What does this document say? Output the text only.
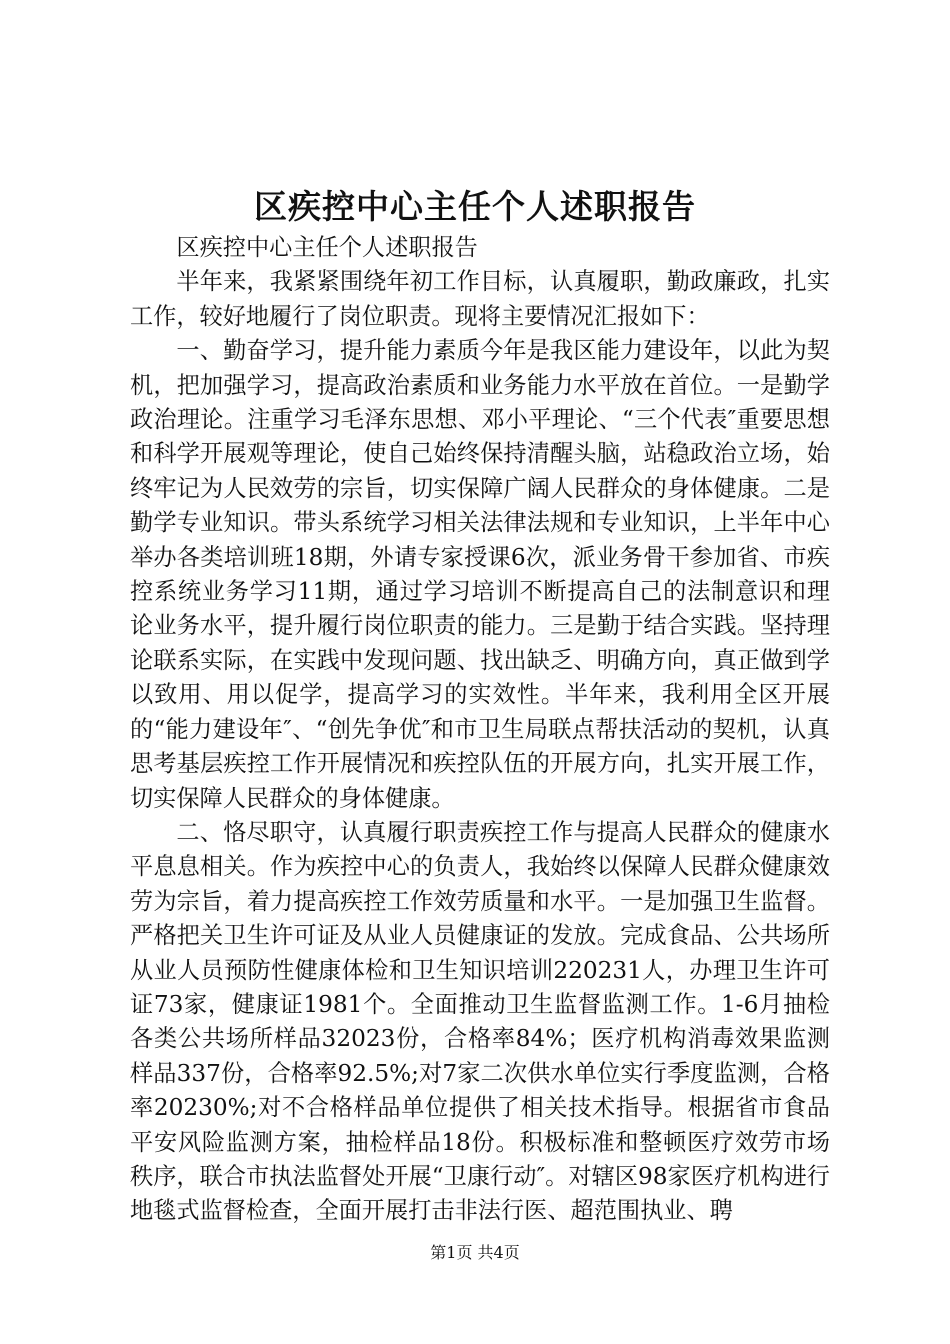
区疾控中心主任个人述职报告

区疾控中心主任个人述职报告

半年来，我紧紧围绕年初工作目标，认真履职，勤政廉政，扎实工作，较好地履行了岗位职责。现将主要情况汇报如下：

一、勤奋学习，提升能力素质今年是我区能力建设年，以此为契机，把加强学习，提高政治素质和业务能力水平放在首位。一是勤学政治理论。注重学习毛泽东思想、邓小平理论、“三个代表″重要思想和科学开展观等理论，使自己始终保持清醒头脑，站稳政治立场，始终牢记为人民效劳的宗旨，切实保障广阔人民群众的身体健康。二是勤学专业知识。带头系统学习相关法律法规和专业知识，上半年中心举办各类培训班18期，外请专家授课6次，派业务骨干参加省、市疾控系统业务学习11期，通过学习培训不断提高自己的法制意识和理论业务水平，提升履行岗位职责的能力。三是勤于结合实践。坚持理论联系实际，在实践中发现问题、找出缺乏、明确方向，真正做到学以致用、用以促学，提高学习的实效性。半年来，我利用全区开展的“能力建设年″、“创先争优″和市卫生局联点帮扶活动的契机，认真思考基层疾控工作开展情况和疾控队伍的开展方向，扎实开展工作，切实保障人民群众的身体健康。

二、恪尽职守，认真履行职责疾控工作与提高人民群众的健康水平息息相关。作为疾控中心的负责人，我始终以保障人民群众健康效劳为宗旨，着力提高疾控工作效劳质量和水平。一是加强卫生监督。严格把关卫生许可证及从业人员健康证的发放。完成食品、公共场所从业人员预防性健康体检和卫生知识培训220231人，办理卫生许可证73家，健康证1981个。全面推动卫生监督监测工作。1-6月抽检各类公共场所样品32023份，合格率84%；医疗机构消毒效果监测样品337份，合格率92.5%;对7家二次供水单位实行季度监测，合格率20230%;对不合格样品单位提供了相关技术指导。根据省市食品平安风险监测方案，抽检样品18份。积极标准和整顿医疗效劳市场秩序，联合市执法监督处开展“卫康行动″。对辖区98家医疗机构进行地毯式监督检查，全面开展打击非法行医、超范围执业、聘

第1页 共4页
